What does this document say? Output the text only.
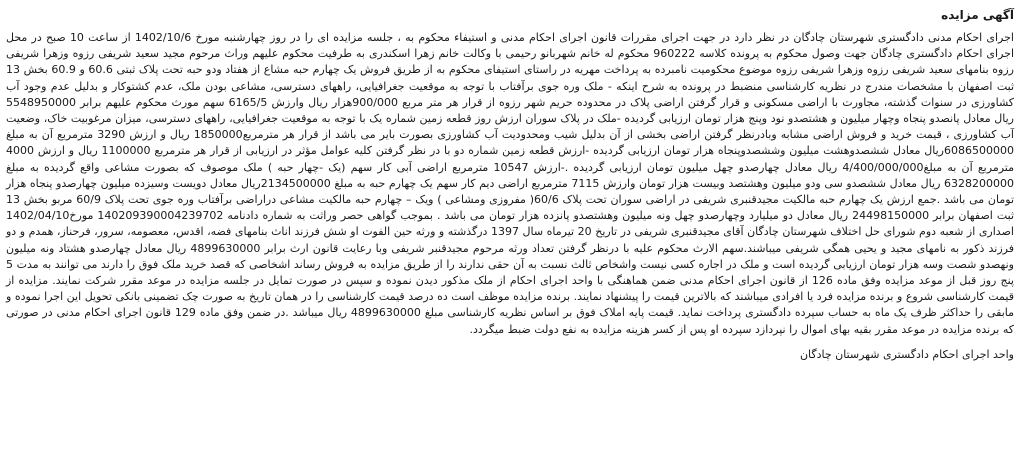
آگهی مزایده
اجرای احکام مدنی دادگستری شهرستان چادگان در نظر دارد در جهت اجرای مقررات قانون اجرای احکام مدنی و استیفاء محکوم به ، جلسه مزایده ای را در روز چهارشنبه مورخ 1402/10/6 از ساعت 10 صبح در محل اجرای احکام دادگستری چادگان جهت وصول محکوم به پرونده کلاسه 960222 محکوم له خانم شهربانو رحیمی با وکالت خانم زهرا اسکندری به طرفیت محکوم علیهم وراث مرحوم مجید سعید شریفی رزوه وزهرا شریفی رزوه بنامهای سعید شریفی رزوه وزهرا شریفی رزوه موضوع محکومیت نامبرده به پرداخت مهریه در راستای استیفای محکوم به از طریق فروش یک چهارم حبه مشاع از هفتاد ودو حبه تحت پلاک ثبتی 60.6 و 60.9 بخش 13 ثبت اصفهان با مشخصات مندرج در نظریه کارشناسی منضبط در پرونده به شرح اینکه - ملک وره جوی برآفتاب با توجه به موقعیت جغرافیایی، راههای دسترسی، مشاعی بودن ملک، عدم کشتوکار و بدلیل عدم وجود آب کشاورزی در سنوات گذشته، مجاورت با اراضی مسکونی و قرار گرفتن اراضی پلاک در محدوده حریم شهر رزوه از قرار هر متر مربع 900/000هزار ریال وارزش 6165/5 سهم مورث محکوم علیهم برابر 5548950000 ریال معادل پانصدو پنجاه وچهار میلیون و هشتصدو نود وپنج هزار تومان ارزیابی گردیده -ملک در پلاک سوران ارزش روز قطعه زمین شماره یک با توجه به موقعیت جغرافیایی، راههای دسترسی، میزان مرغوبیت خاک، وضعیت آب کشاورزی ، قیمت خرید و فروش اراضی مشابه وبادرنظر گرفتن اراضی بخشی از آن بدلیل شیب ومحدودیت آب کشاورزی بصورت بایر می باشد از قرار هر مترمربع1850000 ریال و ارزش 3290 مترمربع آن به مبلغ 6086500000ریال معادل ششصدوهشت میلیون وششصدوپنجاه هزار تومان ارزیابی گردیده -ارزش قطعه زمین شماره دو با در نظر گرفتن کلیه عوامل مؤثر در ارزیابی از قرار هر مترمربع 1100000 ریال و ارزش 4000 مترمربع آن به مبلغ4/400/000/000 ریال معادل چهارصدو چهل میلیون تومان ارزیابی گردیده .-ارزش 10547 مترمربع اراضی آبی کار سهم (یک -چهار حبه ) ملک موصوف که بصورت مشاعی واقع گردیده به مبلغ 6328200000 ریال معادل ششصدو سی ودو میلیون وهشتصد وبیست هزار تومان وارزش 7115 مترمربع اراضی دیم کار سهم یک چهارم حبه به مبلغ 2134500000ریال معادل دویست وسیزده میلیون چهارصدو پنجاه هزار تومان می باشد .جمع ارزش یک چهارم حبه مالکیت مجیدقنبری شریفی در اراضی سوران تحت پلاک 60/6( مفروزی ومشاعی ) ویک – چهارم حبه مالکیت مشاعی دراراضی برآفتاب وره جوی تحت پلاک 60/9 مربو بخش 13 ثبت اصفهان برابر 24498150000 ریال معادل دو میلیارد وچهارصدو چهل ونه میلیون وهشتصدو پانزده هزار تومان می باشد . بموجب گواهی حصر وراثت به شماره دادنامه 140209390004239702 مورخ1402/04/10 اصداری از شعبه دوم شورای حل اختلاف شهرستان چادگان آقای مجیدقنبری شریفی در تاریخ 20 تیرماه سال 1397 درگذشته و ورثه حین الفوت او شش فرزند اناث بنامهای فضه، اقدس، معصومه، سرور، فرحناز، همدم و دو فرزند ذکور به نامهای مجید و یحیی همگی شریفی میباشند.سهم الارث محکوم علیه با درنظر گرفتن تعداد ورثه مرحوم مجیدقنبر شریفی وبا رعایت قانون ارث برابر 4899630000 ریال معادل چهارصدو هشتاد ونه میلیون ونهصدو شصت وسه هزار تومان ارزیابی گردیده است و ملک در اجاره کسی نیست واشخاص ثالث نسبت به آن حقی ندارند را از طریق مزایده به فروش رساند اشخاصی که قصد خرید ملک فوق را دارند می توانند به مدت 5 پنج روز قبل از موعد مزایده وفق ماده 126 از قانون اجرای احکام مدنی ضمن هماهنگی با واحد اجرای احکام از ملک مذکور دیدن نموده و سپس در صورت تمایل در جلسه مزایده در موعد مقرر شرکت نمایند. مزایده از قیمت کارشناسی شروع و برنده مزایده فرد یا افرادی میباشند که بالاترین قیمت را پیشنهاد نمایند. برنده مزایده موظف است ده درصد قیمت کارشناسی را در همان تاریخ به صورت چک تضمینی بانکی تحویل این اجرا نموده و مابقی را حداکثر ظرف یک ماه به حساب سپرده دادگستری پرداخت نماید. قیمت پایه املاک فوق بر اساس نظریه کارشناسی مبلغ 4899630000 ریال میباشد .در ضمن وفق ماده 129 قانون اجرای احکام مدنی در صورتی که برنده مزایده در موعد مقرر بقیه بهای اموال را نپردازد سپرده او پس از کسر هزینه مزایده به نفع دولت ضبط میگردد.
واحد اجرای احکام دادگستری شهرستان چادگان
